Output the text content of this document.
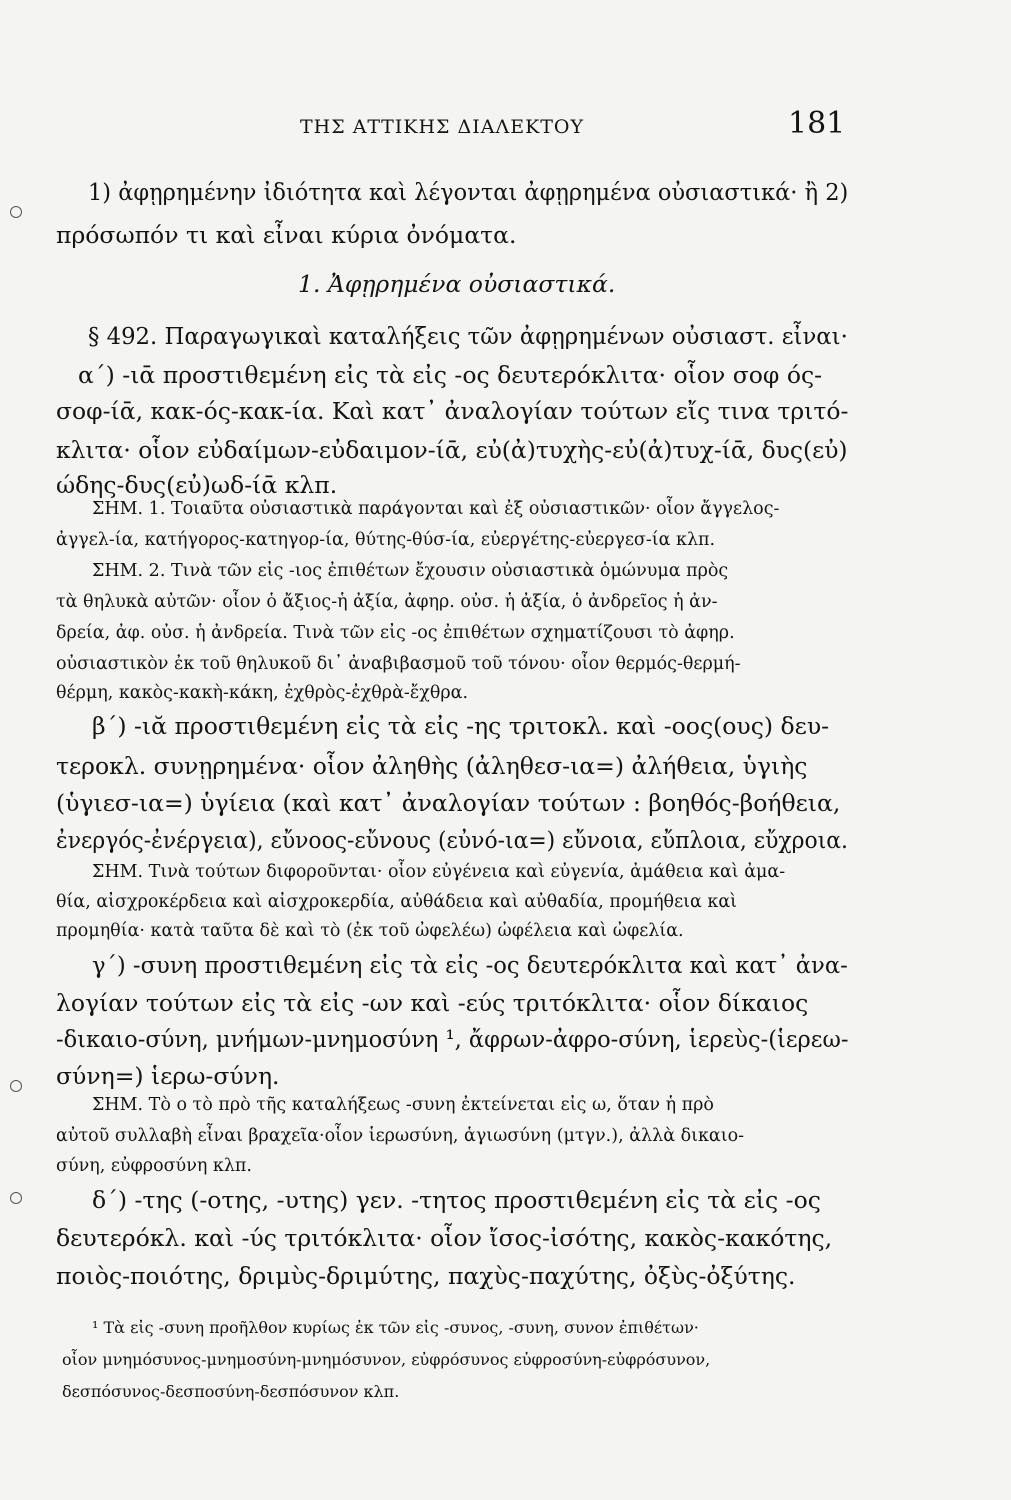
ΤΗΣ ΑΤΤΙΚΗΣ ΔΙΑΛΕΚΤΟΥ	181
1) ἀφῃρημένην ἰδιότητα καὶ λέγονται ἀφῃρημένα οὐσιαστικά· ἢ 2)
πρόσωπόν τι καὶ εἶναι κύρια ὀνόματα.
1. Ἀφῃρημένα οὐσιαστικά.
§ 492. Παραγωγικαὶ καταλήξεις τῶν ἀφῃρημένων οὐσιαστ. εἶναι·
α΄) -ιᾱ προστιθεμένη εἰς τὰ εἰς -ος δευτερόκλιτα· οἷον σοφ ός-
σοφ-ίᾱ, κακ-ός-κακ-ία. Καὶ κατ᾿ ἀναλογίαν τούτων εἴς τινα τριτό-
κλιτα· οἷον εὐδαίμων-εὐδαιμον-ίᾱ, εὐ(ἀ)τυχὴς-εὐ(ἀ)τυχ-ίᾱ, δυς(εὐ)
ώδης-δυς(εὐ)ωδ-ίᾱ κλπ.
ΣΗΜ. 1. Τοιαῦτα οὐσιαστικὰ παράγονται καὶ ἐξ οὐσιαστικῶν· οἷον ἄγγελος-
ἀγγελ-ία, κατήγορος-κατηγορ-ία, θύτης-θύσ-ία, εὐεργέτης-εὐεργεσ-ία κλπ.
ΣΗΜ. 2. Τινὰ τῶν εἰς -ιος ἐπιθέτων ἔχουσιν οὐσιαστικὰ ὁμώνυμα πρὸς
τὰ θηλυκὰ αὐτῶν· οἷον ὁ ἄξιος-ἡ ἀξία, ἀφηρ. οὐσ. ἡ ἀξία, ὁ ἀνδρεῖος ἡ ἀν-
δρεία, ἀφ. οὐσ. ἡ ἀνδρεία. Τινὰ τῶν εἰς -ος ἐπιθέτων σχηματίζουσι τὸ ἀφηρ.
οὐσιαστικὸν ἐκ τοῦ θηλυκοῦ δι᾿ ἀναβιβασμοῦ τοῦ τόνου· οἷον θερμός-θερμή-
θέρμη, κακὸς-κακὴ-κάκη, ἐχθρὸς-ἐχθρὰ-ἔχθρα.
β΄) -ιᾰ προστιθεμένη εἰς τὰ εἰς -ης τριτοκλ. καὶ -οος(ους) δευ-
τεροκλ. συνῃρημένα· οἷον ἀληθὴς (ἀληθεσ-ια=) ἀλήθεια, ὑγιὴς
(ὑγιεσ-ια=) ὑγίεια (καὶ κατ᾿ ἀναλογίαν τούτων : βοηθός-βοήθεια,
ἐνεργός-ἐνέργεια), εὔνοος-εὔνους (εὐνό-ια=) εὔνοια, εὔπλοια, εὔχροια.
ΣΗΜ. Τινὰ τούτων διφοροῦνται· οἷον εὐγένεια καὶ εὐγενία, ἀμάθεια καὶ ἀμα-
θία, αἰσχροκέρδεια καὶ αἰσχροκερδία, αὐθάδεια καὶ αὐθαδία, προμήθεια καὶ
προμηθία· κατὰ ταῦτα δὲ καὶ τὸ (ἐκ τοῦ ὠφελέω) ὠφέλεια καὶ ὠφελία.
γ΄) -συνη προστιθεμένη εἰς τὰ εἰς -ος δευτερόκλιτα καὶ κατ᾿ ἀνα-
λογίαν τούτων εἰς τὰ εἰς -ων καὶ -εύς τριτόκλιτα· οἷον δίκαιος
-δικαιο-σύνη, μνήμων-μνημοσύνη ¹, ἄφρων-ἀφρο-σύνη, ἱερεὺς-(ἱερεω-
σύνη=) ἱερω-σύνη.
ΣΗΜ. Τὸ ο τὸ πρὸ τῆς καταλήξεως -συνη ἐκτείνεται εἰς ω, ὅταν ἡ πρὸ
αὐτοῦ συλλαβὴ εἶναι βραχεῖα·οἷον ἱερωσύνη, ἁγιωσύνη (μτγν.), ἀλλὰ δικαιο-
σύνη, εὐφροσύνη κλπ.
δ΄) -της (-οτης, -υτης) γεν. -τητος προστιθεμένη εἰς τὰ εἰς -ος
δευτερόκλ. καὶ -ύς τριτόκλιτα· οἷον ἴσος-ἰσότης, κακὸς-κακότης,
ποιὸς-ποιότης, δριμὺς-δριμύτης, παχὺς-παχύτης, ὀξὺς-ὀξύτης.
¹ Τὰ εἰς -συνη προῆλθον κυρίως ἐκ τῶν εἰς -συνος, -συνη, συνον ἐπιθέτων·
οἷον μνημόσυνος-μνημοσύνη-μνημόσυνον, εὐφρόσυνος εὐφροσύνη-εὐφρόσυνον,
δεσπόσυνος-δεσποσύνη-δεσπόσυνον κλπ.
